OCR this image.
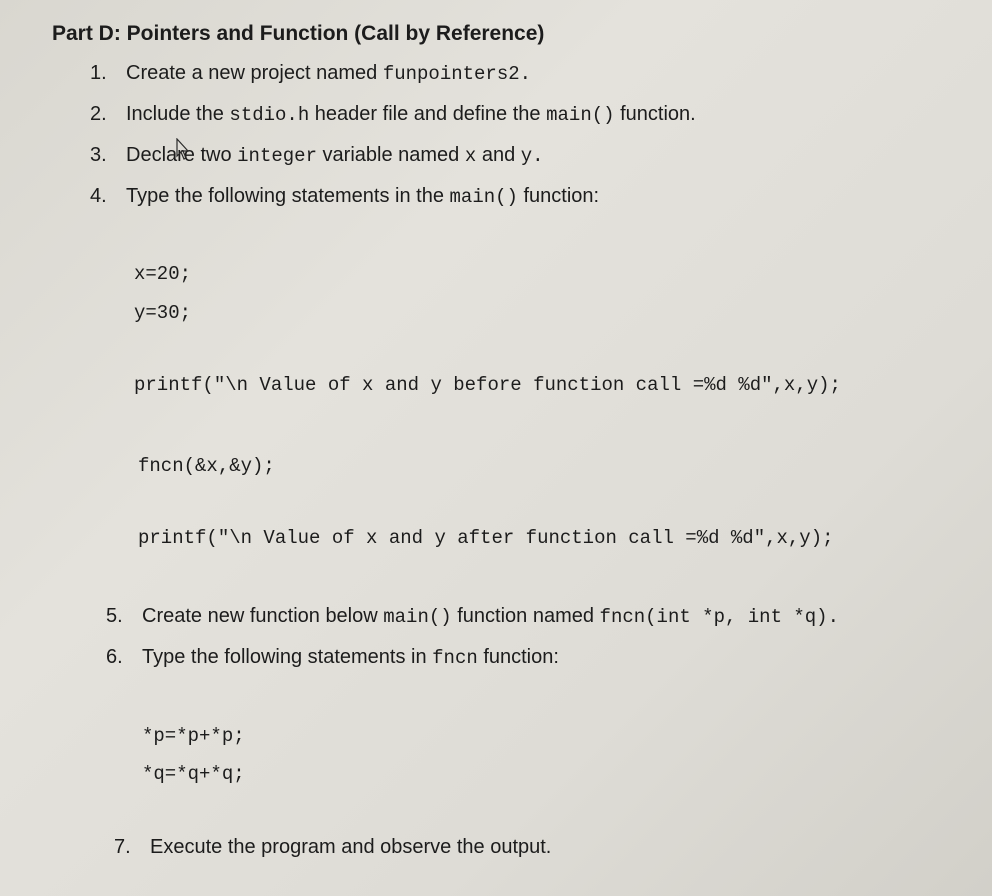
Part D: Pointers and Function (Call by Reference)
1. Create a new project named funpointers2.
2. Include the stdio.h header file and define the main() function.
3. Declare two integer variable named x and y.
4. Type the following statements in the main() function:
x=20;
y=30;
printf("\n Value of x and y before function call =%d %d",x,y);
fncn(&x,&y);
printf("\n Value of x and y after function call =%d %d",x,y);
5. Create new function below main() function named fncn(int *p, int *q).
6. Type the following statements in fncn function:
*p=*p+*p;
*q=*q+*q;
7. Execute the program and observe the output.
